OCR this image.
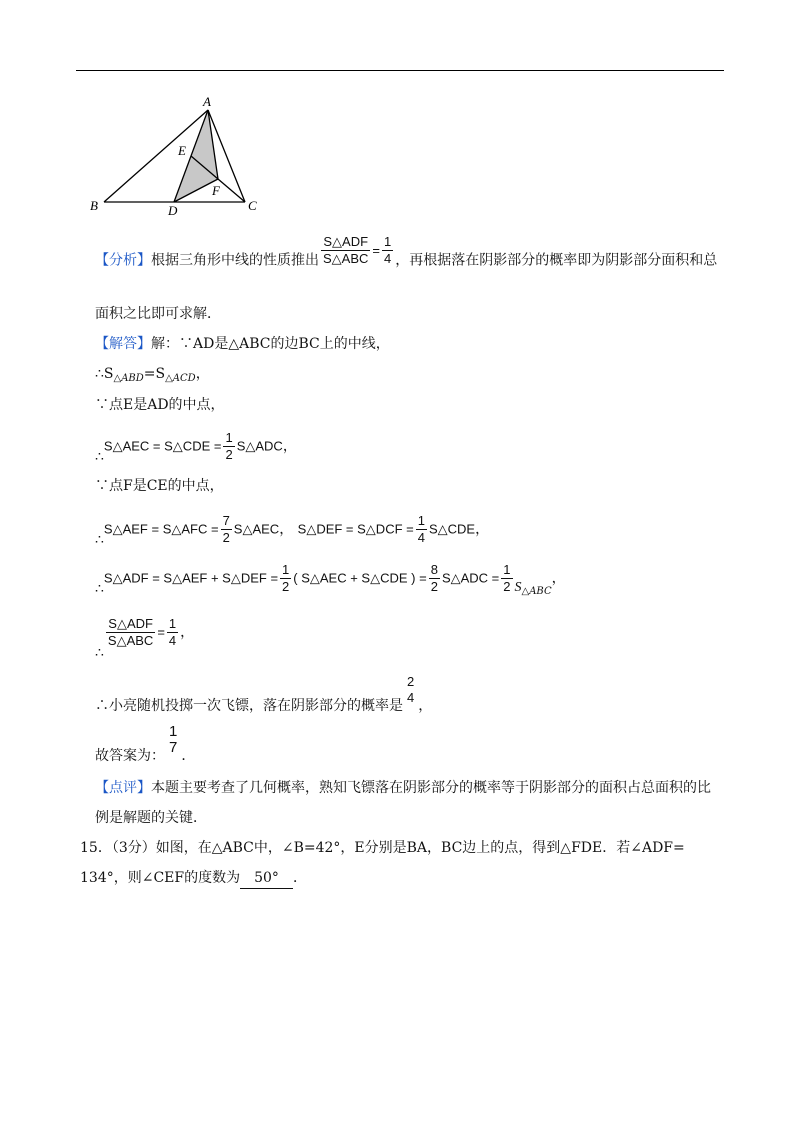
A
B	C
D
E
F
【分析】根据三角形中线的性质推出 $\frac{\text{S△ADF}}{\text{S△ABC}} = \frac{1}{4}$ ，再根据落在阴影部分的概率即为阴影部分面积和总
面积之比即可求解．
【解答】解：∵AD是△ABC的边BC上的中线，
$\therefore S_{\triangle ABD}=S_{\triangle ACD}$，
∵点E是AD的中点，
∴S△AEC = S△CDE = $\frac{1}{2}$ S△ADC，
∵点F是CE的中点，
∴S△AEF = S△AFC = $\frac{7}{2}$ S△AEC， S△DEF = S△DCF = $\frac{1}{4}$ S△CDE，
∴S△ADF = S△AEF + S△DEF = $\frac{1}{2}$ ( S△AEC + S△CDE ) = $\frac{8}{2}$ S△ADC = $\frac{1}{2} S_{\triangle ABC}$，
∴
$\frac{\text{S△ADF}}{\text{S△ABC}} = \frac{1}{4}$ ，
∴小亮随机投掷一次飞镖，落在阴影部分的概率是
2
4
，
故答案为：
1
7 ．
【点评】本题主要考查了几何概率，熟知飞镖落在阴影部分的概率等于阴影部分的面积占总面积的比
例是解题的关键．
15．（3分）如图，在△ABC中，∠B=42°，E分别是BA，BC边上的点，得到△FDE．若∠ADF=
134°，则∠CEF的度数为 50° ．
